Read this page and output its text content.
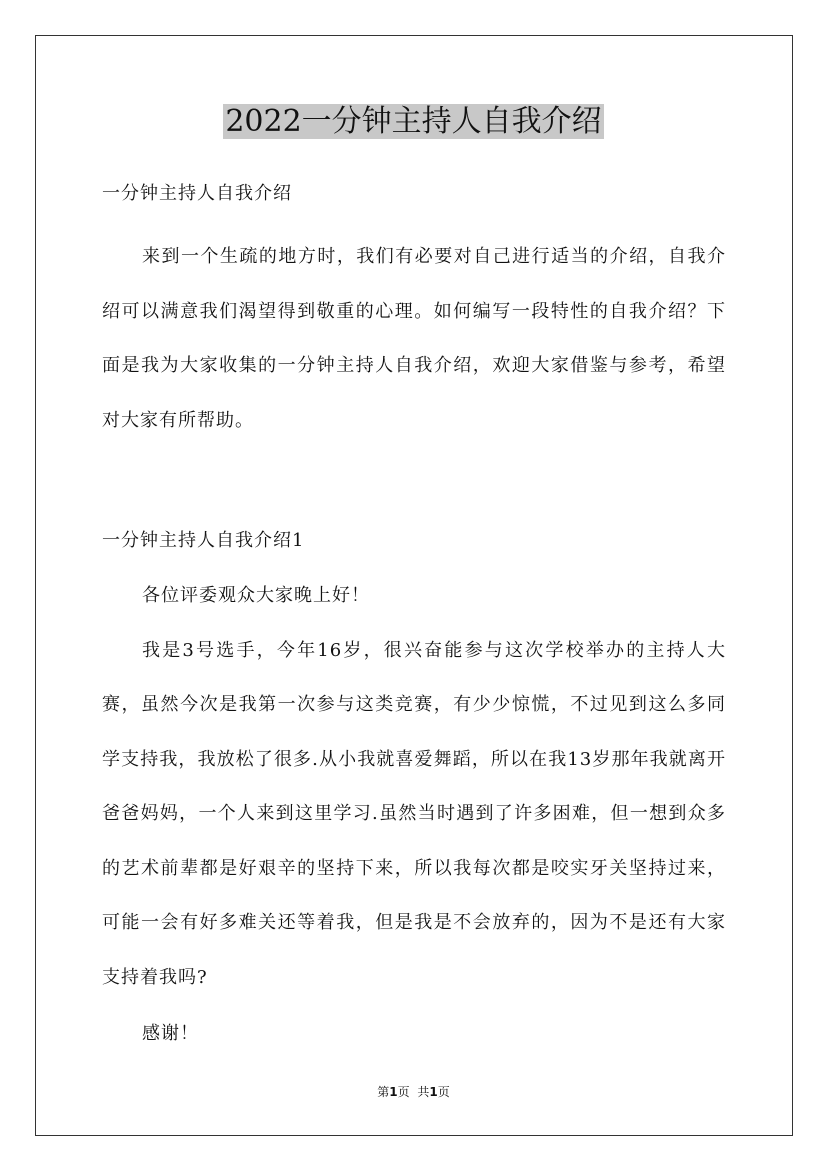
2022一分钟主持人自我介绍

一分钟主持人自我介绍

来到一个生疏的地方时，我们有必要对自己进行适当的介绍，自我介绍可以满意我们渴望得到敬重的心理。如何编写一段特性的自我介绍？下面是我为大家收集的一分钟主持人自我介绍，欢迎大家借鉴与参考，希望对大家有所帮助。

一分钟主持人自我介绍1

各位评委观众大家晚上好！

我是3号选手，今年16岁，很兴奋能参与这次学校举办的主持人大赛，虽然今次是我第一次参与这类竞赛，有少少惊慌，不过见到这么多同学支持我，我放松了很多.从小我就喜爱舞蹈，所以在我13岁那年我就离开爸爸妈妈，一个人来到这里学习.虽然当时遇到了许多困难，但一想到众多的艺术前辈都是好艰辛的坚持下来，所以我每次都是咬实牙关坚持过来，可能一会有好多难关还等着我，但是我是不会放弃的，因为不是还有大家支持着我吗?

感谢！

第1页 共1页
